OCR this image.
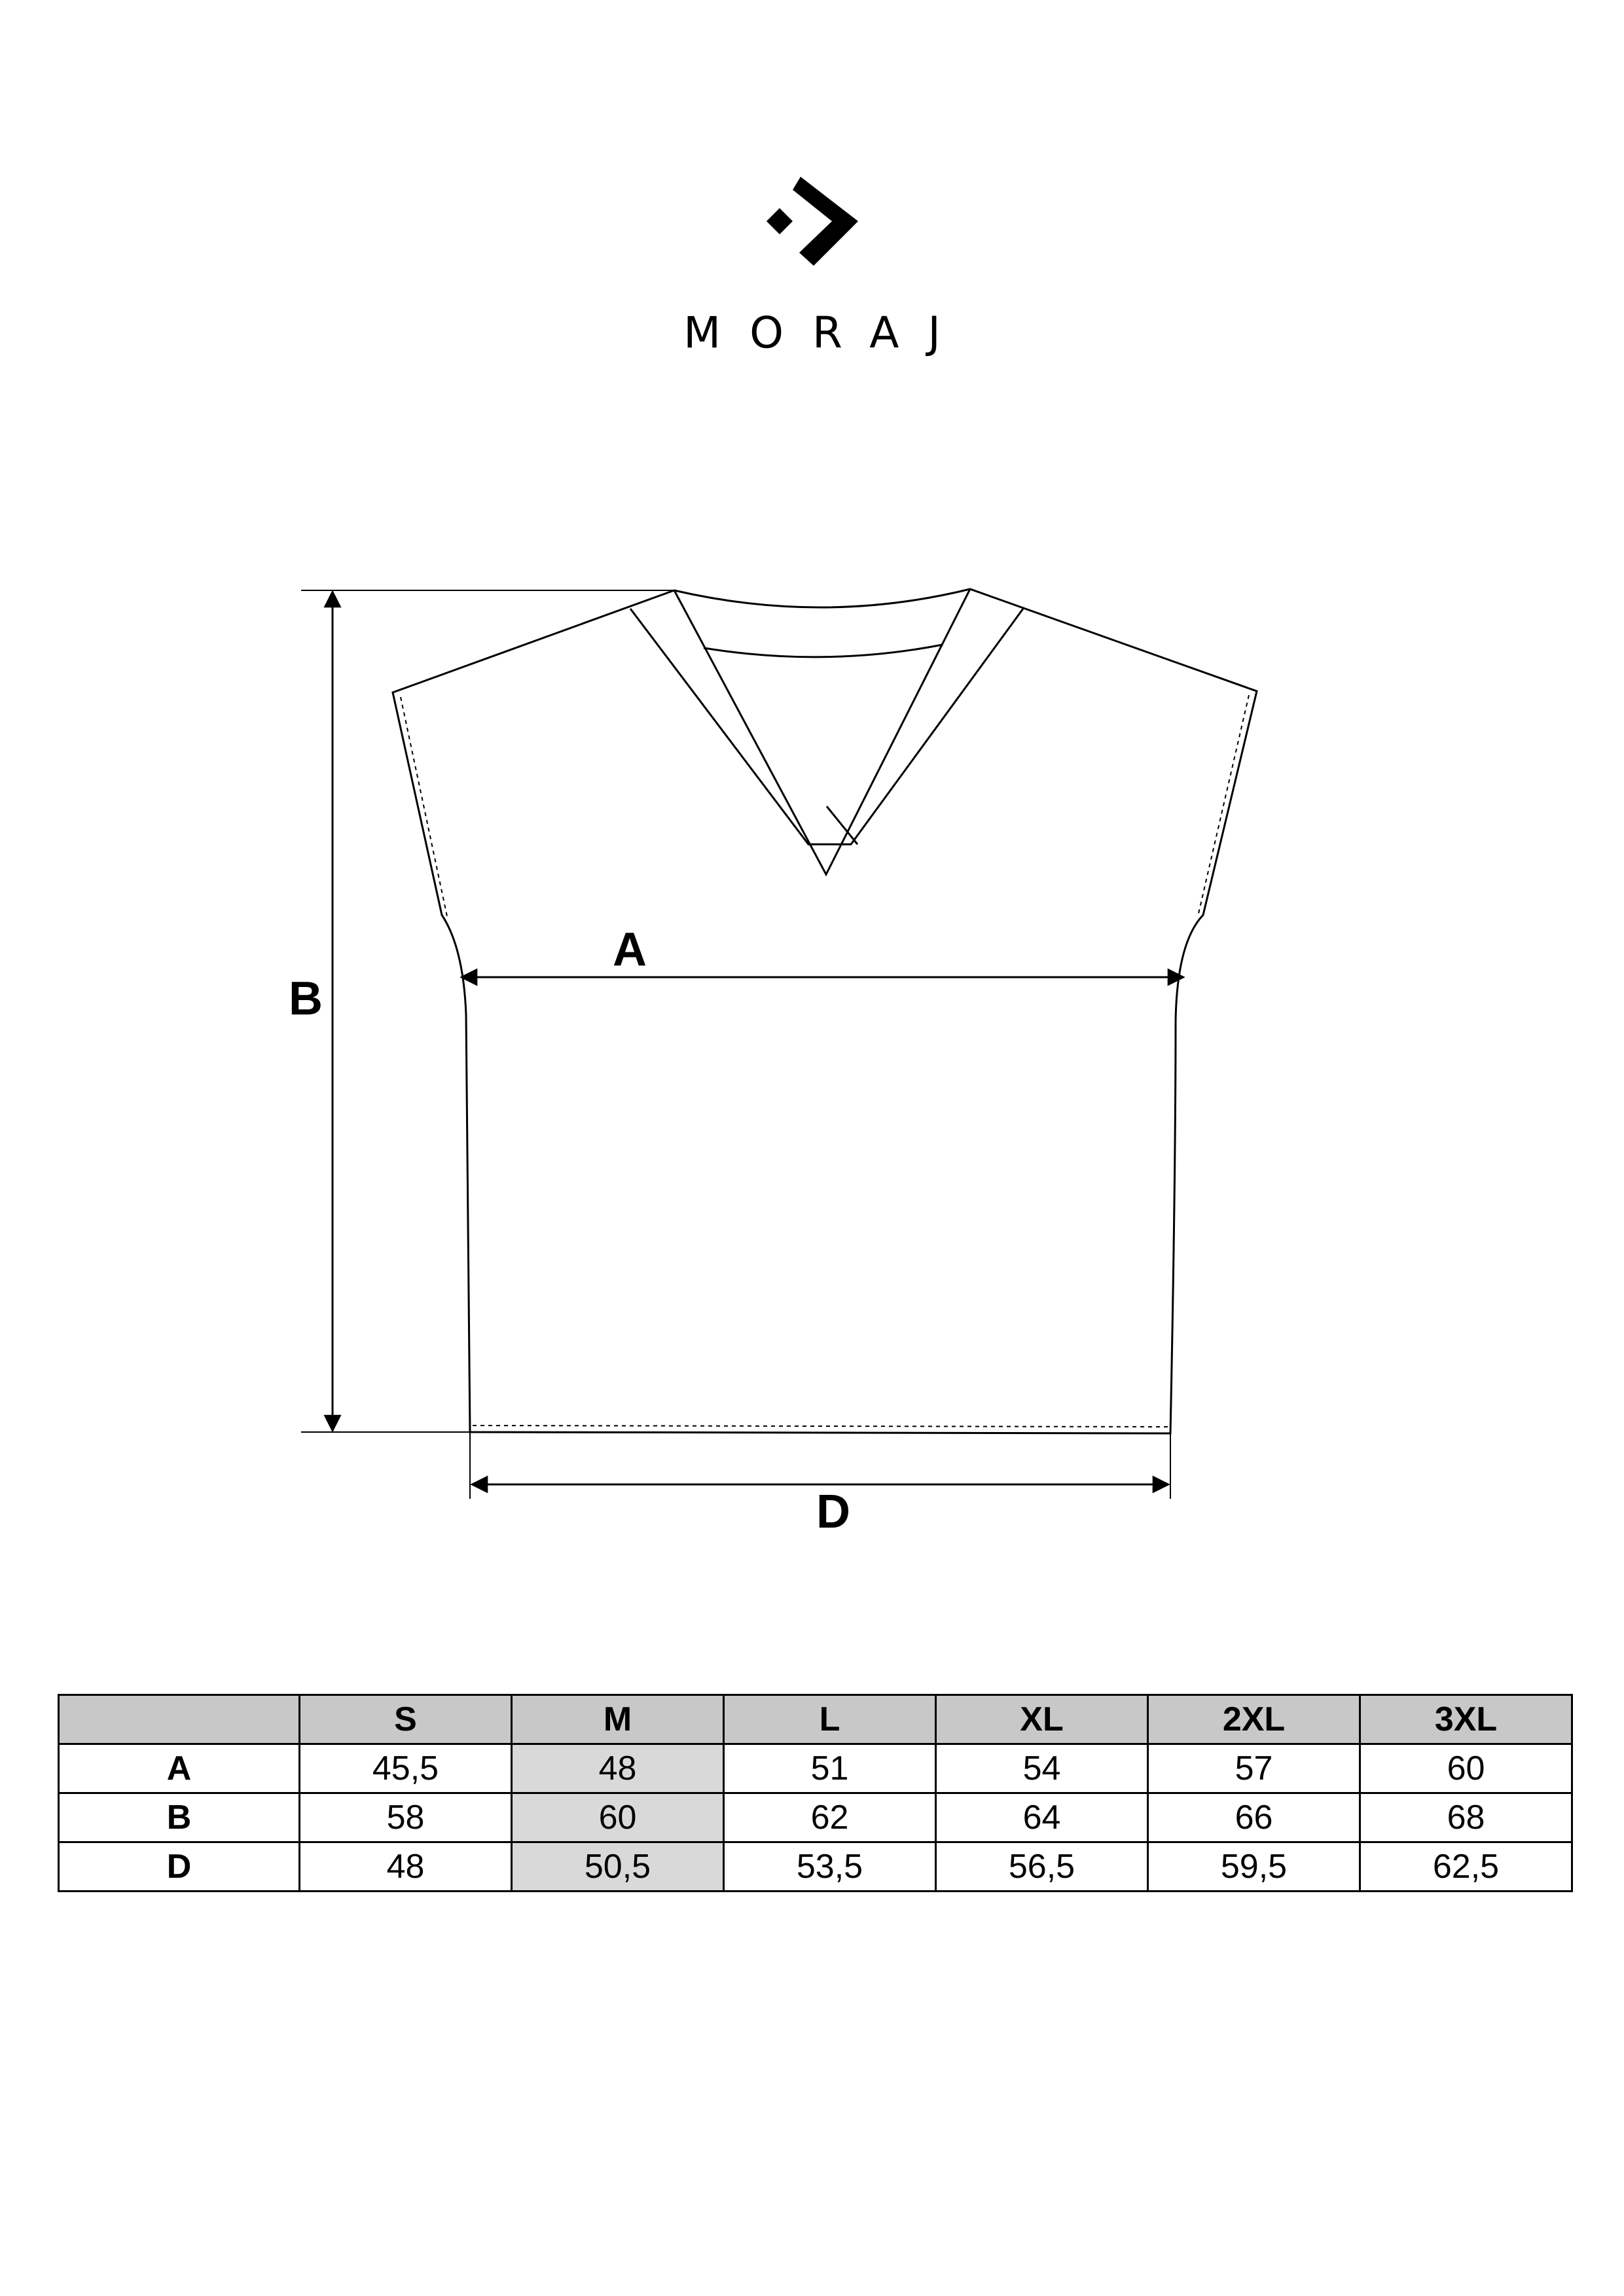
MORAJ
A
B
D
	S	M	L	XL	2XL	3XL
A	45,5	48	51	54	57	60
B	58	60	62	64	66	68
D	48	50,5	53,5	56,5	59,5	62,5
